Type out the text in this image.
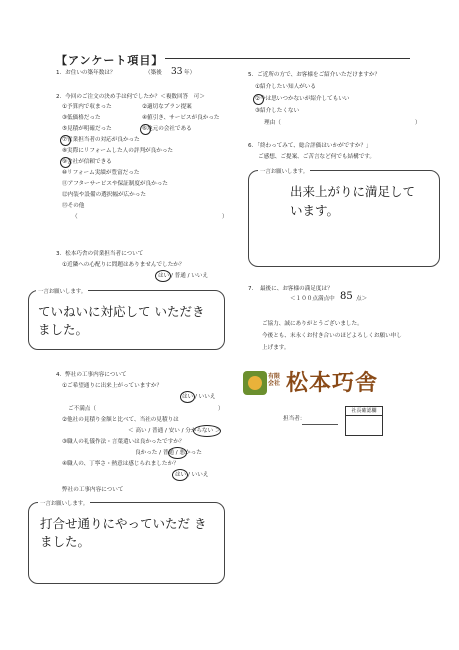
【アンケート項目】
1．お住いの築年数は？	（築後 33 年）
2．今回のご注文の決め手は何でしたか？＜複数回答　可＞
①予算内で収まった	②適切なプラン提案
③低価格だった	④値引き、サービスが良かった
⑤見積が明確だった	⑥地元の会社である
⑦営業担当者の対応が良かった
⑧実際にリフォームした人の評判が良かった
⑨会社が信頼できる
⑩リフォーム実績が豊富だった
⑪アフターサービスや保証制度が良かった
⑫内装や設備の選択幅が広かった
⑬その他
（	）
3．松本巧舎の営業担当者について
①近隣への心配りに問題はありませんでしたか？
はい / 普通 / いいえ
一言お願いします。
ていねいに対応して いただきました。
4．弊社の工事内容について
①ご希望通りに出来上がっていますか？
はい / いいえ
ご不満点（	）
②他社の見積り金額と比べて、当社の見積りは
＜ 高い / 普通 / 安い / 分からない ＞
③職人の礼儀作法・言葉遣いは良かったですか？
良かった / 普通 / 悪かった
④職人の、丁寧さ・熱意は感じられましたか？
はい / いいえ
弊社の工事内容について
一言お願いします。
打合せ通りにやっていただ きました。
5．ご近所の方で、お客様をご紹介いただけますか？
①紹介したい知人がいる
②今は思いつかないが紹介してもいい
③紹介したくない
理由（	）
6．「終わってみて、総合評価はいかがですか？」
ご感想、ご提案、ご苦言など何でも結構です。
一言お願いします。
出来上がりに満足して います。
7．　最後に、お客様の満足度は？
＜１００点満点中 85 点＞
ご協力、誠にありがとうございました。
今後とも、末永くお付き合いのほどよろしくお願い申し
上げます。
有限会社 松本巧舎
担当者：
社長確認欄
